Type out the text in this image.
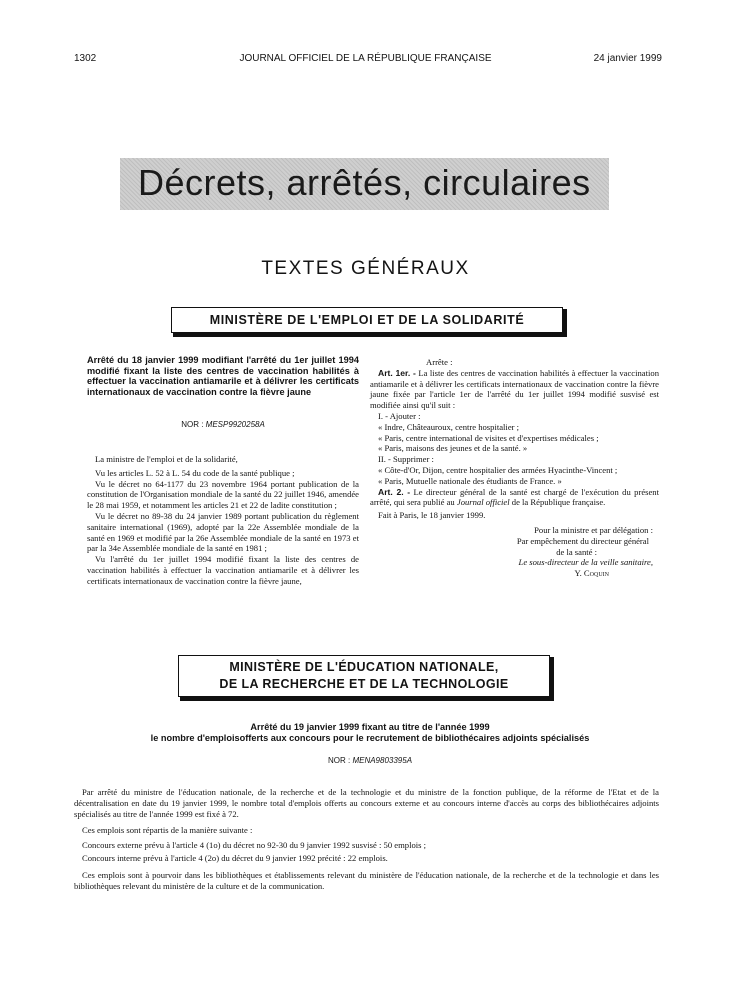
1302	JOURNAL OFFICIEL DE LA RÉPUBLIQUE FRANÇAISE	24 janvier 1999
Décrets, arrêtés, circulaires
TEXTES GÉNÉRAUX
MINISTÈRE DE L'EMPLOI ET DE LA SOLIDARITÉ
Arrêté du 18 janvier 1999 modifiant l'arrêté du 1er juillet 1994 modifié fixant la liste des centres de vaccination habilités à effectuer la vaccination antiamarile et à délivrer les certificats internationaux de vaccination contre la fièvre jaune
NOR : MESP9920258A

La ministre de l'emploi et de la solidarité,

Vu les articles L. 52 à L. 54 du code de la santé publique ;

Vu le décret no 64-1177 du 23 novembre 1964 portant publication de la constitution de l'Organisation mondiale de la santé du 22 juillet 1946, amendée le 28 mai 1959, et notamment les articles 21 et 22 de ladite constitution ;

Vu le décret no 89-38 du 24 janvier 1989 portant publication du règlement sanitaire international (1969), adopté par la 22e Assemblée mondiale de la santé en 1969 et modifié par la 26e Assemblée mondiale de la santé en 1973 et par la 34e Assemblée mondiale de la santé en 1981 ;

Vu l'arrêté du 1er juillet 1994 modifié fixant la liste des centres de vaccination habilités à effectuer la vaccination antiamarile et à délivrer les certificats internationaux de vaccination contre la fièvre jaune,

Arrête :

Art. 1er. - La liste des centres de vaccination habilités à effectuer la vaccination antiamarile et à délivrer les certificats internationaux de vaccination contre la fièvre jaune fixée par l'article 1er de l'arrêté du 1er juillet 1994 modifié susvisé est modifiée ainsi qu'il suit :

I. - Ajouter :

« Indre, Châteauroux, centre hospitalier ;

« Paris, centre international de visites et d'expertises médicales ;

« Paris, maisons des jeunes et de la santé. »

II. - Supprimer :

« Côte-d'Or, Dijon, centre hospitalier des armées Hyacinthe-Vincent ;

« Paris, Mutuelle nationale des étudiants de France. »

Art. 2. - Le directeur général de la santé est chargé de l'exécution du présent arrêté, qui sera publié au Journal officiel de la République française.

Fait à Paris, le 18 janvier 1999.

Pour la ministre et par délégation :

Par empêchement du directeur général

de la santé :

Le sous-directeur de la veille sanitaire,

Y. Coquin

MINISTÈRE DE L'ÉDUCATION NATIONALE,
DE LA RECHERCHE ET DE LA TECHNOLOGIE
Arrêté du 19 janvier 1999 fixant au titre de l'année 1999
le nombre d'emploisofferts aux concours pour le recrutement de bibliothécaires adjoints spécialisés
NOR : MENA9803395A

Par arrêté du ministre de l'éducation nationale, de la recherche et de la technologie et du ministre de la fonction publique, de la réforme de l'Etat et de la décentralisation en date du 19 janvier 1999, le nombre total d'emplois offerts au concours externe et au concours interne d'accès au corps des bibliothécaires adjoints spécialisés au titre de l'année 1999 est fixé à 72.

Ces emplois sont répartis de la manière suivante :

Concours externe prévu à l'article 4 (1o) du décret no 92-30 du 9 janvier 1992 susvisé : 50 emplois ;

Concours interne prévu à l'article 4 (2o) du décret du 9 janvier 1992 précité : 22 emplois.

Ces emplois sont à pourvoir dans les bibliothèques et établissements relevant du ministère de l'éducation nationale, de la recherche et de la technologie et dans les bibliothèques relevant du ministère de la culture et de la communication.
